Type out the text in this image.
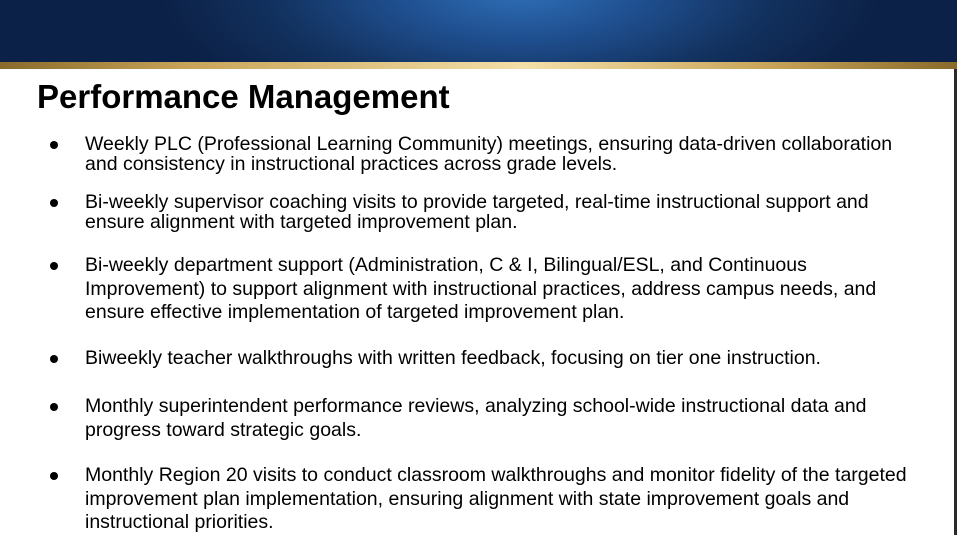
Performance Management
Weekly PLC (Professional Learning Community) meetings, ensuring data-driven collaboration and consistency in instructional practices across grade levels.
Bi-weekly supervisor coaching visits to provide targeted, real-time instructional support and ensure alignment with targeted improvement plan.
Bi-weekly department support (Administration, C & I, Bilingual/ESL, and Continuous Improvement) to support alignment with instructional practices, address campus needs, and ensure effective implementation of targeted improvement plan.
Biweekly teacher walkthroughs with written feedback, focusing on tier one instruction.
Monthly superintendent performance reviews, analyzing school-wide instructional data and progress toward strategic goals.
Monthly Region 20 visits to conduct classroom walkthroughs and monitor fidelity of the targeted improvement plan implementation, ensuring alignment with state improvement goals and instructional priorities.
